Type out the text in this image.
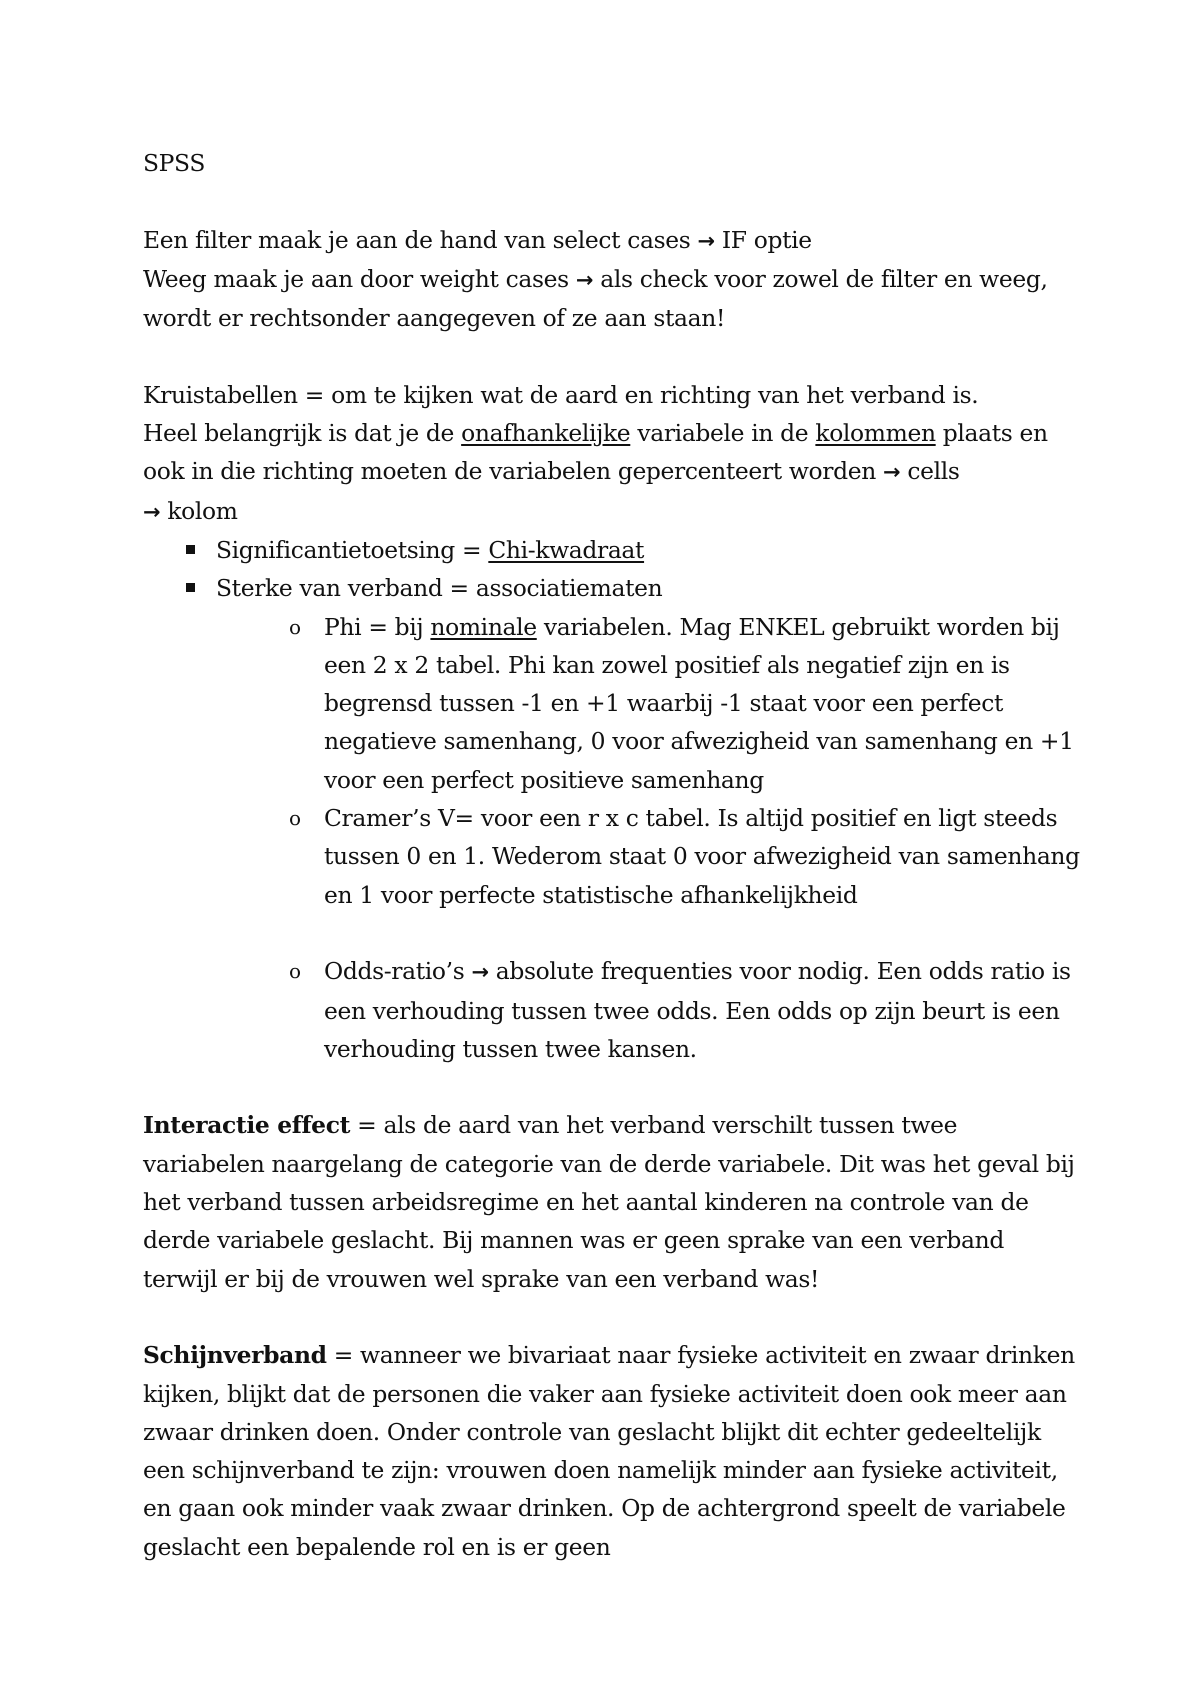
SPSS

Een filter maak je aan de hand van select cases → IF optie

Weeg maak je aan door weight cases → als check voor zowel de filter en weeg, wordt er rechtsonder aangegeven of ze aan staan!

Kruistabellen = om te kijken wat de aard en richting van het verband is.

Heel belangrijk is dat je de onafhankelijke variabele in de kolommen plaats en ook in die richting moeten de variabelen gepercenteert worden → cells
→ kolom

Significantietoetsing = Chi-kwadraat
Sterke van verband = associatiematen
o Phi = bij nominale variabelen. Mag ENKEL gebruikt worden bij een 2 x 2 tabel. Phi kan zowel positief als negatief zijn en is begrensd tussen -1 en +1 waarbij -1 staat voor een perfect negatieve samenhang, 0 voor afwezigheid van samenhang en +1 voor een perfect positieve samenhang
o Cramer’s V= voor een r x c tabel. Is altijd positief en ligt steeds tussen 0 en 1. Wederom staat 0 voor afwezigheid van samenhang en 1 voor perfecte statistische afhankelijkheid
o Odds-ratio’s → absolute frequenties voor nodig. Een odds ratio is een verhouding tussen twee odds. Een odds op zijn beurt is een verhouding tussen twee kansen.

Interactie effect = als de aard van het verband verschilt tussen twee variabelen naargelang de categorie van de derde variabele. Dit was het geval bij het verband tussen arbeidsregime en het aantal kinderen na controle van de derde variabele geslacht. Bij mannen was er geen sprake van een verband terwijl er bij de vrouwen wel sprake van een verband was!

Schijnverband = wanneer we bivariaat naar fysieke activiteit en zwaar drinken kijken, blijkt dat de personen die vaker aan fysieke activiteit doen ook meer aan zwaar drinken doen. Onder controle van geslacht blijkt dit echter gedeeltelijk een schijnverband te zijn: vrouwen doen namelijk minder aan fysieke activiteit, en gaan ook minder vaak zwaar drinken. Op de achtergrond speelt de variabele geslacht een bepalende rol en is er geen
